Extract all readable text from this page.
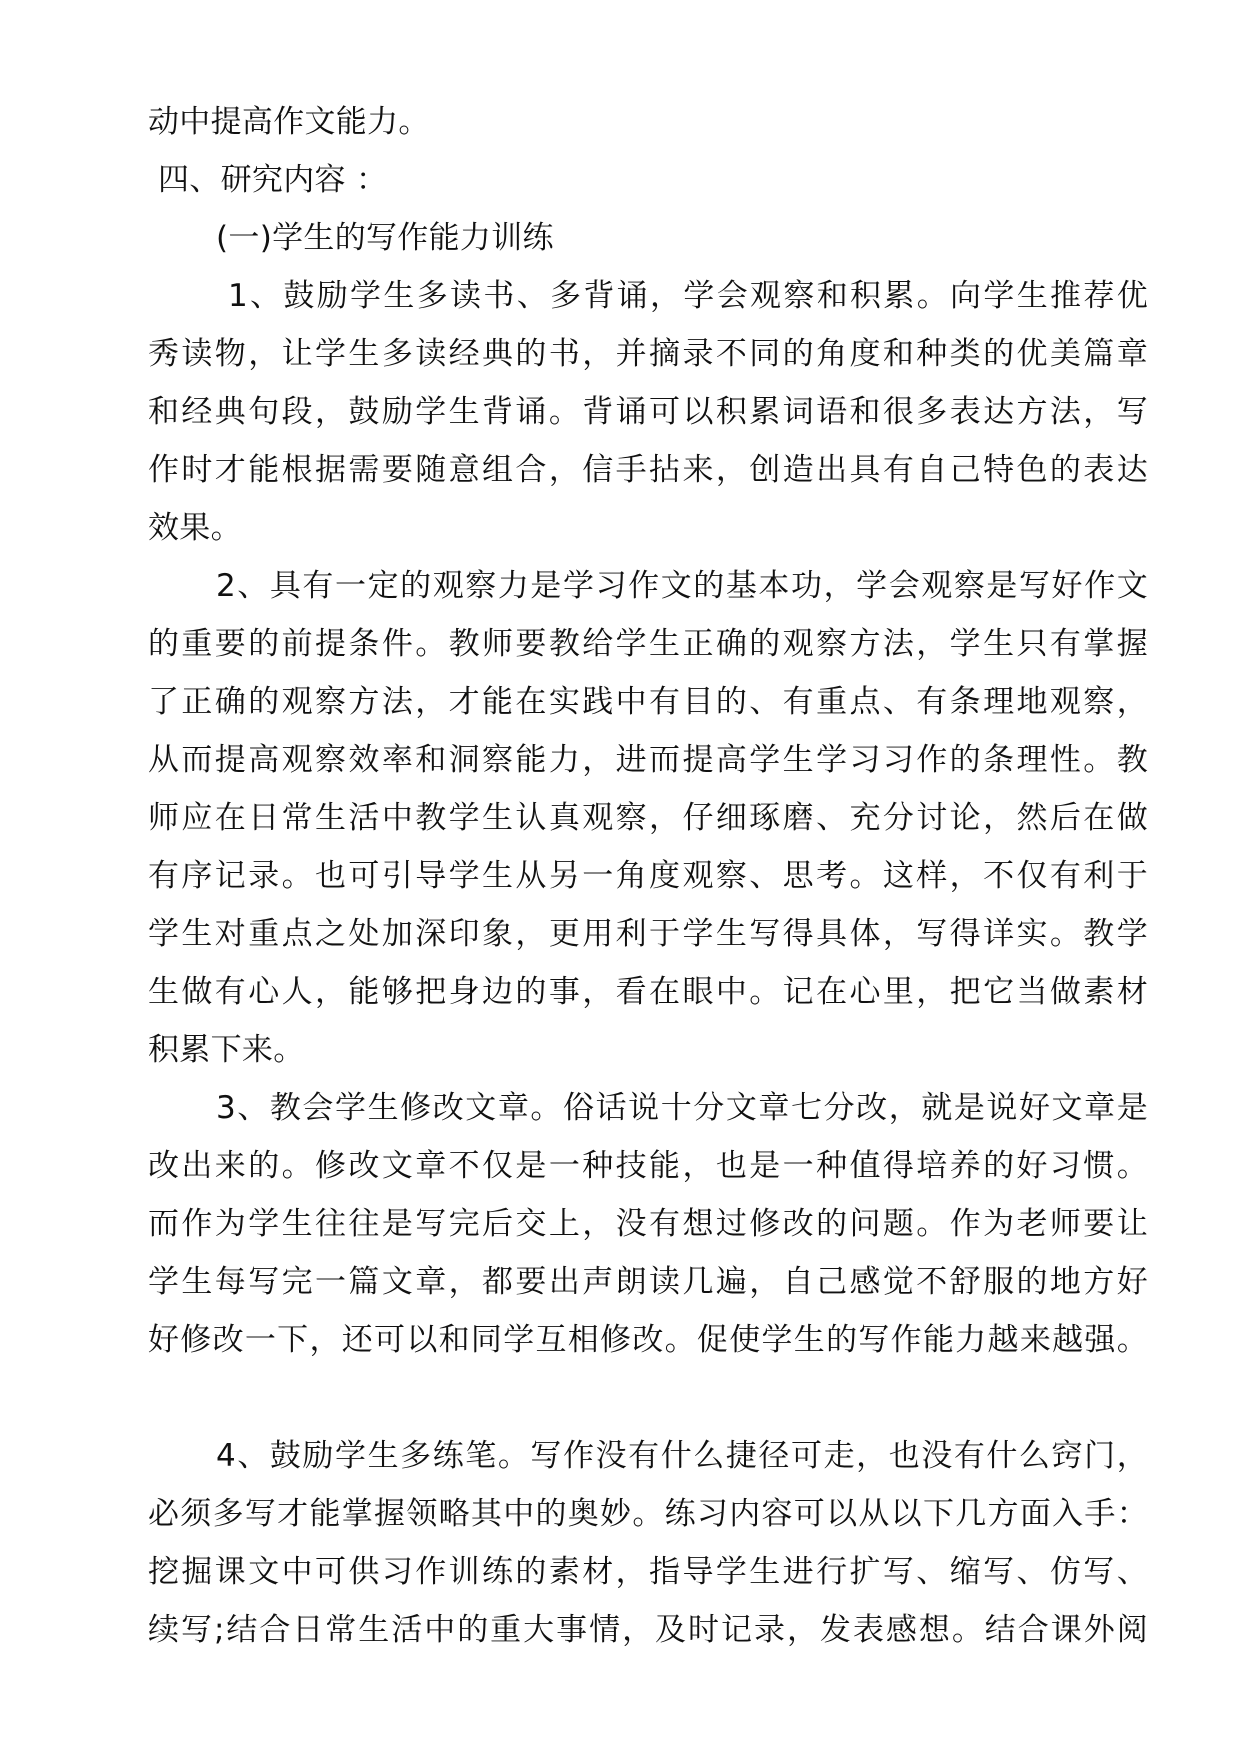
动中提高作文能力。
四、研究内容 ：
(一)学生的写作能力训练
1、鼓励学生多读书、多背诵，学会观察和积累。向学生推荐优
秀读物，让学生多读经典的书，并摘录不同的角度和种类的优美篇章
和经典句段，鼓励学生背诵。背诵可以积累词语和很多表达方法，写
作时才能根据需要随意组合，信手拈来，创造出具有自己特色的表达
效果。
2、具有一定的观察力是学习作文的基本功，学会观察是写好作文
的重要的前提条件。教师要教给学生正确的观察方法，学生只有掌握
了正确的观察方法，才能在实践中有目的、有重点、有条理地观察，
从而提高观察效率和洞察能力，进而提高学生学习习作的条理性。教
师应在日常生活中教学生认真观察，仔细琢磨、充分讨论，然后在做
有序记录。也可引导学生从另一角度观察、思考。这样，不仅有利于
学生对重点之处加深印象，更用利于学生写得具体，写得详实。教学
生做有心人，能够把身边的事，看在眼中。记在心里，把它当做素材
积累下来。
3、教会学生修改文章。俗话说十分文章七分改，就是说好文章是
改出来的。修改文章不仅是一种技能，也是一种值得培养的好习惯。
而作为学生往往是写完后交上，没有想过修改的问题。作为老师要让
学生每写完一篇文章，都要出声朗读几遍，自己感觉不舒服的地方好
好修改一下，还可以和同学互相修改。促使学生的写作能力越来越强。
4、鼓励学生多练笔。写作没有什么捷径可走，也没有什么窍门，
必须多写才能掌握领略其中的奥妙。练习内容可以从以下几方面入手：
挖掘课文中可供习作训练的素材，指导学生进行扩写、缩写、仿写、
续写;结合日常生活中的重大事情，及时记录，发表感想。结合课外阅
